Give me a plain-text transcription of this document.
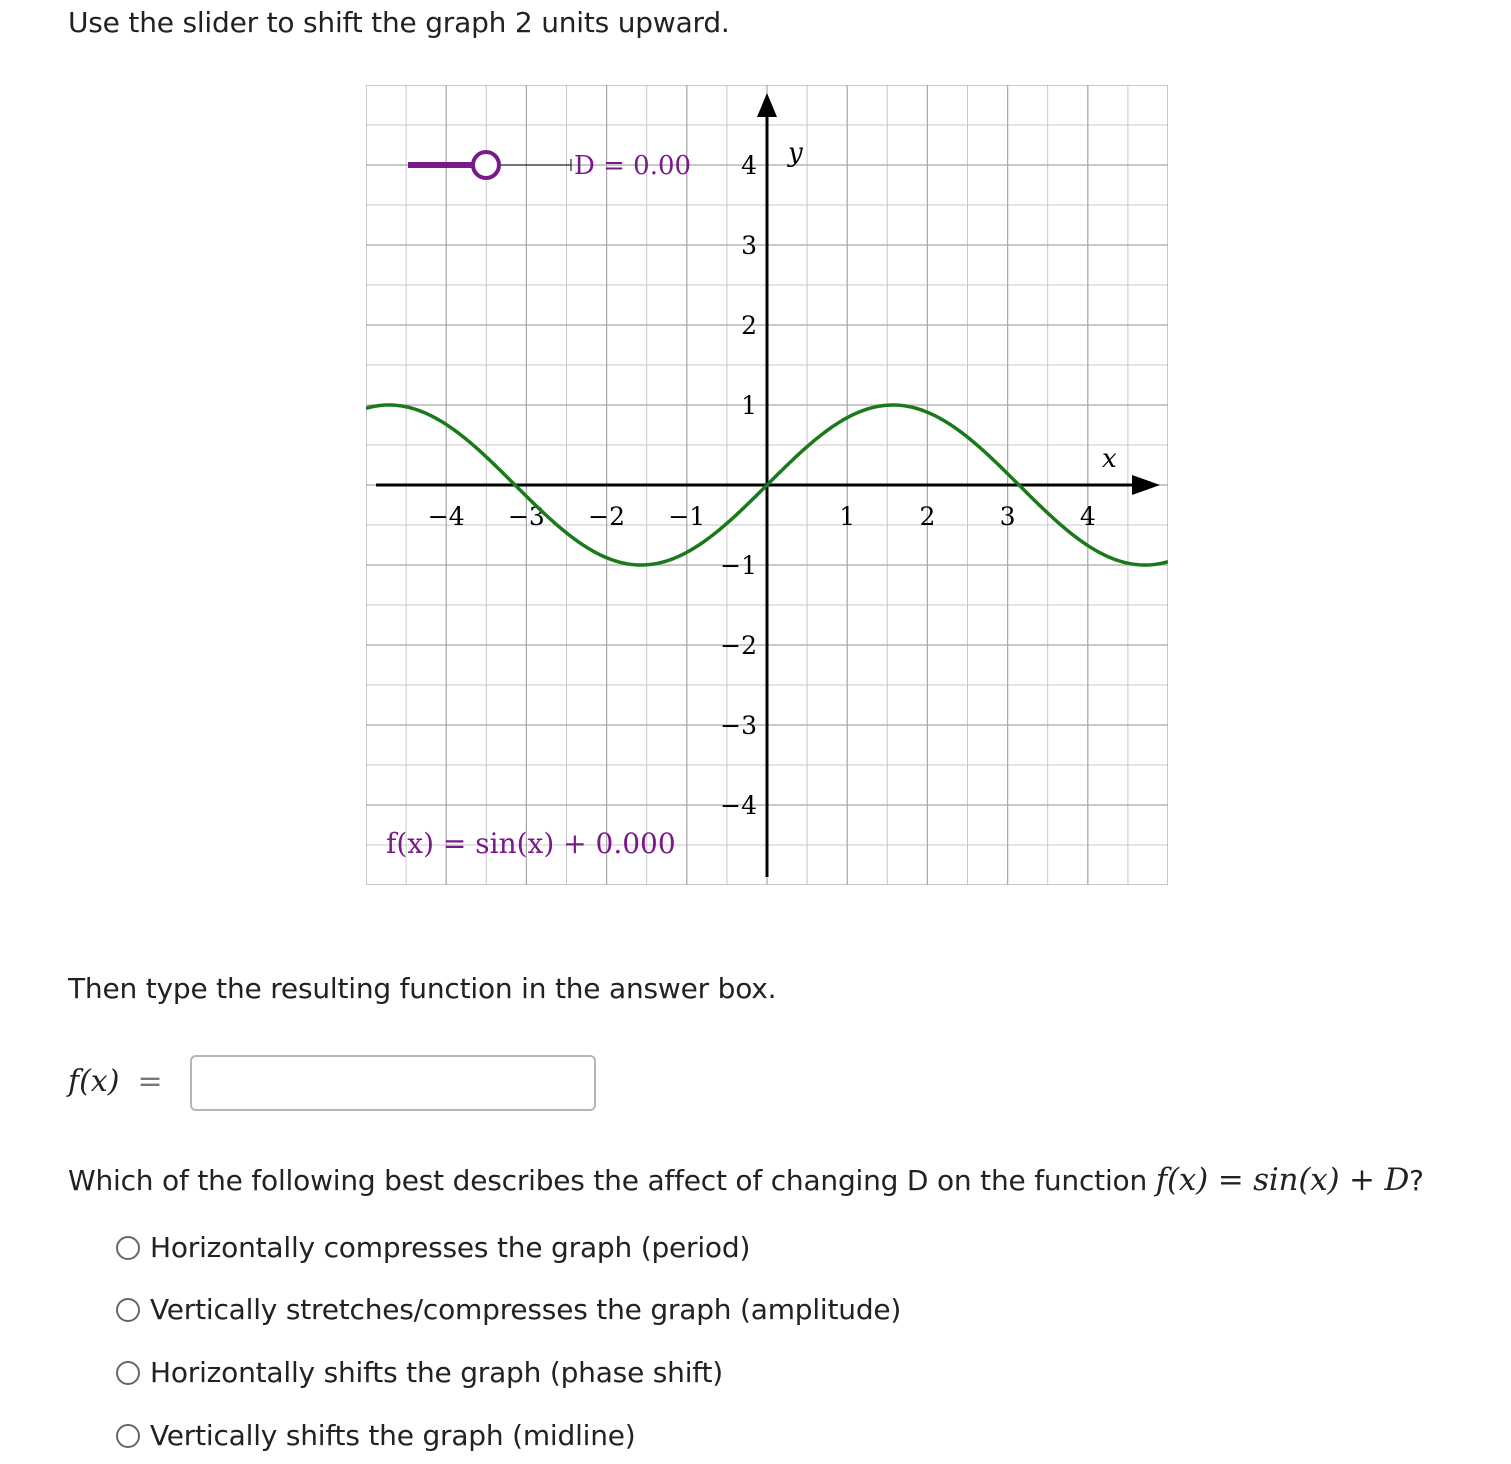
Use the slider to shift the graph 2 units upward.
−4 −3 −2 −1	1	2	3	4
4
3
2
1
−1
−2
−3
−4
D = 0.00	y
x
f(x) = sin(x) + 0.000
Then type the resulting function in the answer box.
f(x) =
Which of the following best describes the affect of changing D on the function f(x) = sin(x) + D?
Horizontally compresses the graph (period)
Vertically stretches/compresses the graph (amplitude)
Horizontally shifts the graph (phase shift)
Vertically shifts the graph (midline)
